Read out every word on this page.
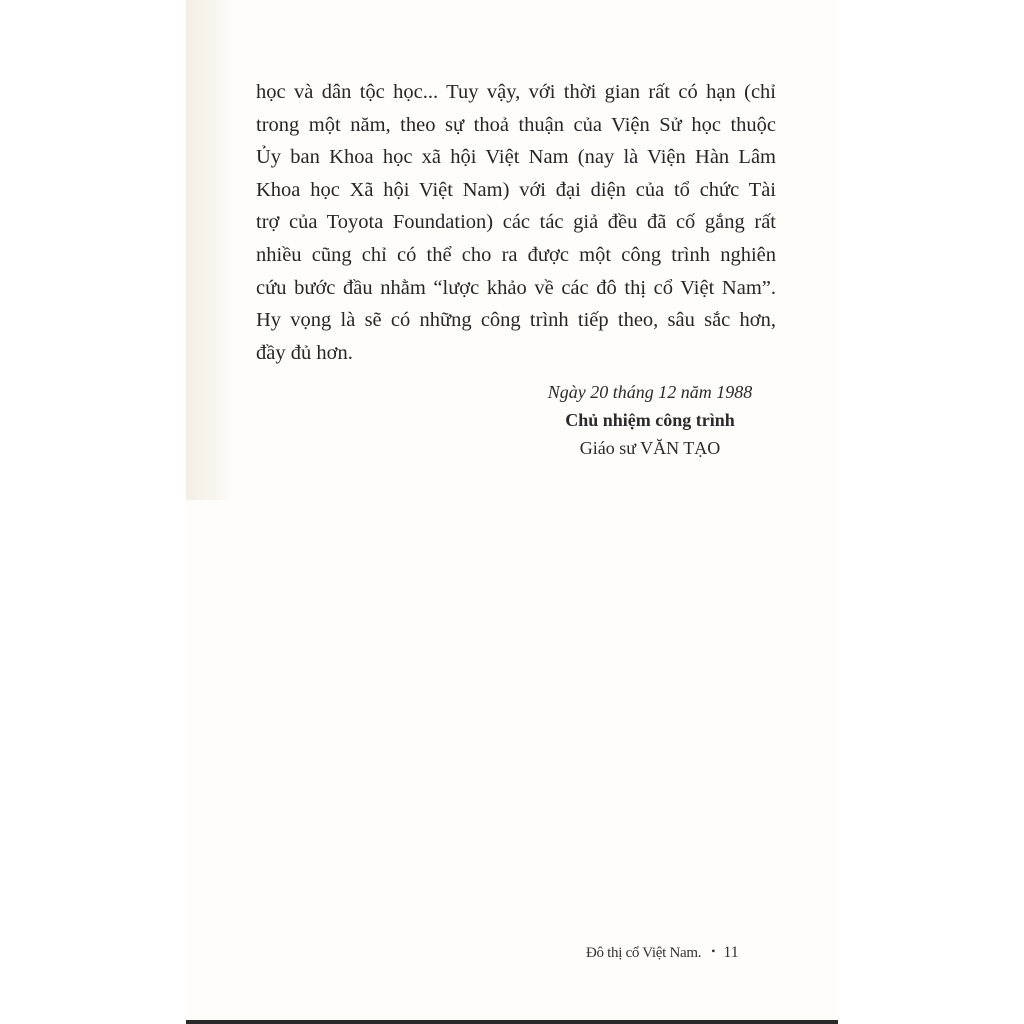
học và dân tộc học... Tuy vậy, với thời gian rất có hạn (chỉ
trong một năm, theo sự thoả thuận của Viện Sử học thuộc
Ủy ban Khoa học xã hội Việt Nam (nay là Viện Hàn Lâm
Khoa học Xã hội Việt Nam) với đại diện của tổ chức Tài
trợ của Toyota Foundation) các tác giả đều đã cố gắng rất
nhiều cũng chỉ có thể cho ra được một công trình nghiên
cứu bước đầu nhằm “lược khảo về các đô thị cổ Việt Nam”.
Hy vọng là sẽ có những công trình tiếp theo, sâu sắc hơn,
đầy đủ hơn.
Ngày 20 tháng 12 năm 1988
Chủ nhiệm công trình
Giáo sư VĂN TẠO
Đô thị cổ Việt Nam. • 11
